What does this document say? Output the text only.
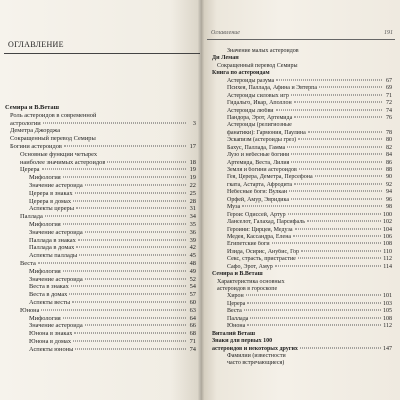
ОГЛАВЛЕНИЕ
Семира и В.Веташ
Роль астероидов в современной
астрологии	3
Деметра Джорджа
Сокращенный перевод Семиры
Богини астероидов	17
Основные функции четырех
наиболее значимых астероидов	18
Церера	19
Мифология	19
Значение астероида	22
Церера в знаках	25
Церера в домах	28
Аспекты цереры	31
Паллада	34
Мифология	35
Значение астероида	36
Паллада в знаках	39
Паллада в домах	42
Аспекты паллады	45
Веста	48
Мифология	49
Значение астероида	52
Веста в знаках	54
Веста в домах	57
Аспекты весты	60
Юнона	63
Мифология	64
Значение астероида	66
Юнона в знаках	68
Юнона в домах	71
Аспекты юноны	74
Оглавление	191
Значение малых астероидов
Ди Леман
Сокращенный перевод Семиры
Книга по астероидам
Астероиды разума	67
Психея, Паллада, Афина и Эвтерпа	69
Астероиды силовых игр	71
Гидальго, Икар, Аполлон	72
Астероиды любви	74
Пандора, Эрот, Артемида	76
Астероиды (религиозные
фанатики): Гармония, Паулина	78
Эскапизм (астероиды грез)	80
Бахус, Паллада, Гамма	82
Лузо и небесные богини	84
Артемида, Веста, Лилия	86
Земля и богини астероидов	88
Гея, Церера, Деметра, Персефона	90
гката, Астарта, Афродита	92
Небесные боги: Вулкан	94
Орфей, Амур, Эвридика	96
Муза	98
Герои: Одиссей, Артур	100
Ланселот, Галахад, Парсифаль	102
Героини: Цирцея, Медуза	104
Медея, Кассандра, Елена	106
Египетские боги	108
Изида, Осирис, Анубис, Гор	110
Секс, страсть, пристрастие	112
Сафо, Эрот, Амур	114
Семира и В.Веташ
Характеристика основных
астероидов в гороскопе
Хирон	101
Церера	103
Веста	105
Паллада	108
Юнона	112
Виталий Веташ
Знаки для первых 100
астероидов и некоторых других	147
Фамилии (известности
часто встречающиеся)
